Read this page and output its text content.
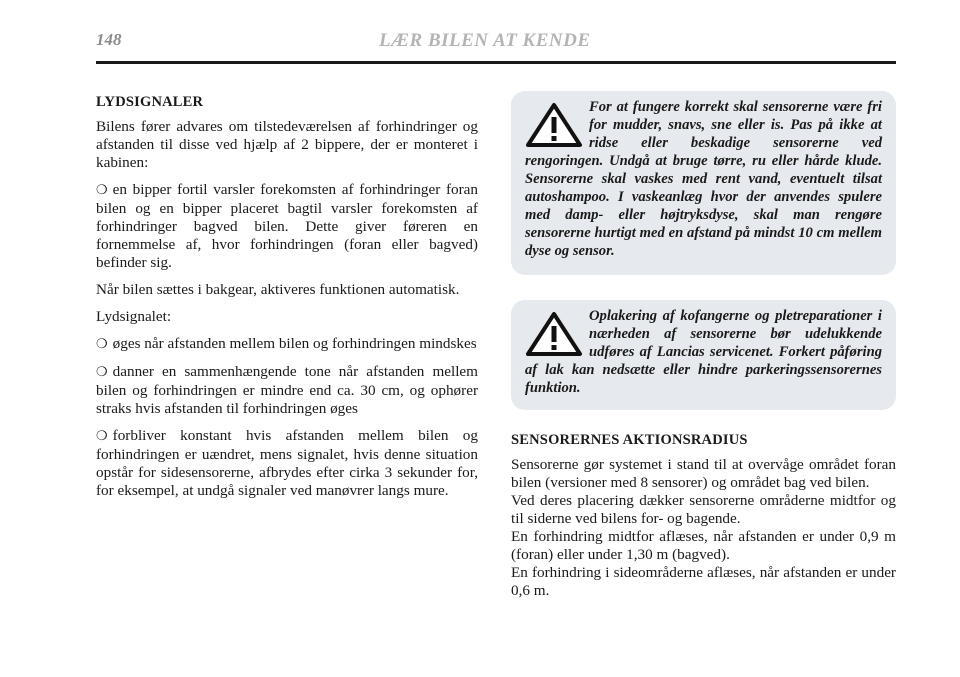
148	LÆR BILEN AT KENDE
LYDSIGNALER

Bilens fører advares om tilstedeværelsen af forhindringer og afstanden til disse ved hjælp af 2 bippere, der er monteret i kabinen:

❍ en bipper fortil varsler forekomsten af forhindringer foran bilen og en bipper placeret bagtil varsler forekomsten af forhindringer bagved bilen. Dette giver føreren en fornemmelse af, hvor forhindringen (foran eller bagved) befinder sig.

Når bilen sættes i bakgear, aktiveres funktionen automatisk.

Lydsignalet:

❍ øges når afstanden mellem bilen og forhindringen mindskes
❍ danner en sammenhængende tone når afstanden mellem bilen og forhindringen er mindre end ca. 30 cm, og ophører straks hvis afstanden til forhindringen øges
❍ forbliver konstant hvis afstanden mellem bilen og forhindringen er uændret, mens signalet, hvis denne situation opstår for sidesensorerne, afbrydes efter cirka 3 sekunder for, for eksempel, at undgå signaler ved manøvrer langs mure.
For at fungere korrekt skal sensorerne være fri for mudder, snavs, sne eller is. Pas på ikke at ridse eller beskadige sensorerne ved rengoringen. Undgå at bruge tørre, ru eller hårde klude. Sensorerne skal vaskes med rent vand, eventuelt tilsat autoshampoo. I vaskeanlæg hvor der anvendes spulere med damp- eller højtryksdyse, skal man rengøre sensorerne hurtigt med en afstand på mindst 10 cm mellem dyse og sensor.
Oplakering af kofangerne og pletreparationer i nærheden af sensorerne bør udelukkende udføres af Lancias servicenet. Forkert påføring af lak kan nedsætte eller hindre parkeringssensorernes funktion.
SENSORERNES AKTIONSRADIUS

Sensorerne gør systemet i stand til at overvåge området foran bilen (versioner med 8 sensorer) og området bag ved bilen.

Ved deres placering dækker sensorerne områderne midtfor og til siderne ved bilens for- og bagende.

En forhindring midtfor aflæses, når afstanden er under 0,9 m (foran) eller under 1,30 m (bagved).

En forhindring i sideområderne aflæses, når afstanden er under 0,6 m.
